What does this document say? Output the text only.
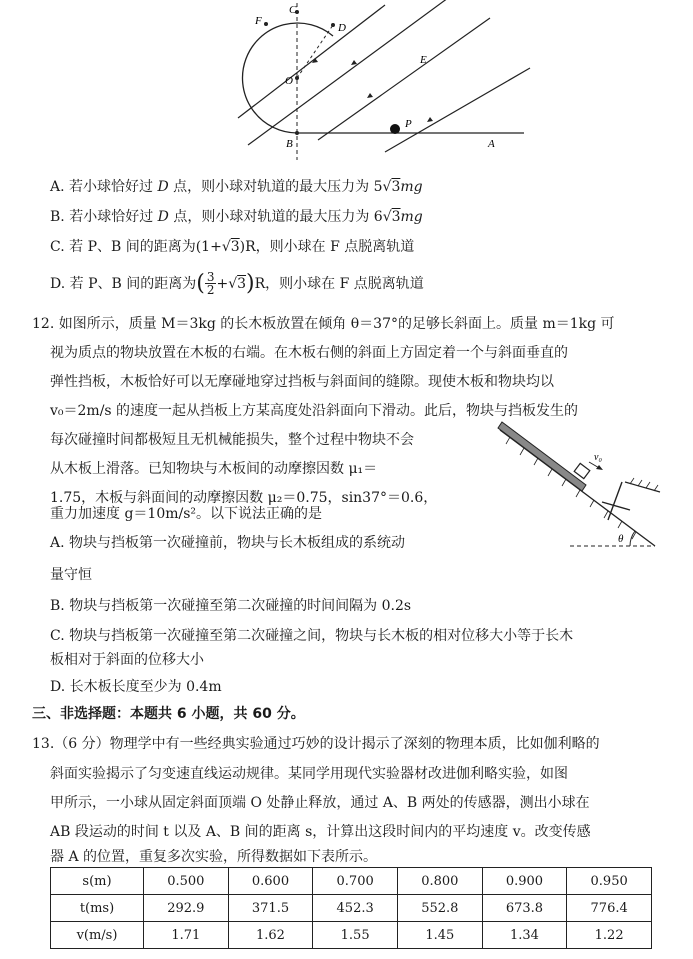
F
C
D
O
E
B
P
A
A. 若小球恰好过 D 点，则小球对轨道的最大压力为 5√3mg
B. 若小球恰好过 D 点，则小球对轨道的最大压力为 6√3mg
C. 若 P、B 间的距离为(1+√3)R，则小球在 F 点脱离轨道
D. 若 P、B 间的距离为 ( 3
2 + √ 3 ) R，则小球在 F 点脱离轨道
12. 如图所示，质量 M＝3kg 的长木板放置在倾角 θ＝37°的足够长斜面上。质量 m＝1kg 可
视为质点的物块放置在木板的右端。在木板右侧的斜面上方固定着一个与斜面垂直的
弹性挡板，木板恰好可以无摩碰地穿过挡板与斜面间的缝隙。现使木板和物块均以
v₀＝2m/s 的速度一起从挡板上方某高度处沿斜面向下滑动。此后，物块与挡板发生的
每次碰撞时间都极短且无机械能损失，整个过程中物块不会
从木板上滑落。已知物块与木板间的动摩擦因数 μ₁＝
1.75，木板与斜面间的动摩擦因数 μ₂＝0.75，sin37°＝0.6，
重力加速度 g＝10m/s²。以下说法正确的是
A. 物块与挡板第一次碰撞前，物块与长木板组成的系统动
量守恒
B. 物块与挡板第一次碰撞至第二次碰撞的时间间隔为 0.2s
C. 物块与挡板第一次碰撞至第二次碰撞之间，物块与长木板的相对位移大小等于长木
板相对于斜面的位移大小
D. 长木板长度至少为 0.4m
v₀
θ
三、非选择题：本题共 6 小题，共 60 分。
13.（6 分）物理学中有一些经典实验通过巧妙的设计揭示了深刻的物理本质，比如伽利略的
斜面实验揭示了匀变速直线运动规律。某同学用现代实验器材改进伽利略实验，如图
甲所示，一小球从固定斜面顶端 O 处静止释放，通过 A、B 两处的传感器，测出小球在
AB 段运动的时间 t 以及 A、B 间的距离 s，计算出这段时间内的平均速度 v。改变传感
器 A 的位置，重复多次实验，所得数据如下表所示。
s(m)	0.500	0.600	0.700	0.800	0.900	0.950
t(ms)	292.9	371.5	452.3	552.8	673.8	776.4
v(m/s)	1.71	1.62	1.55	1.45	1.34	1.22
